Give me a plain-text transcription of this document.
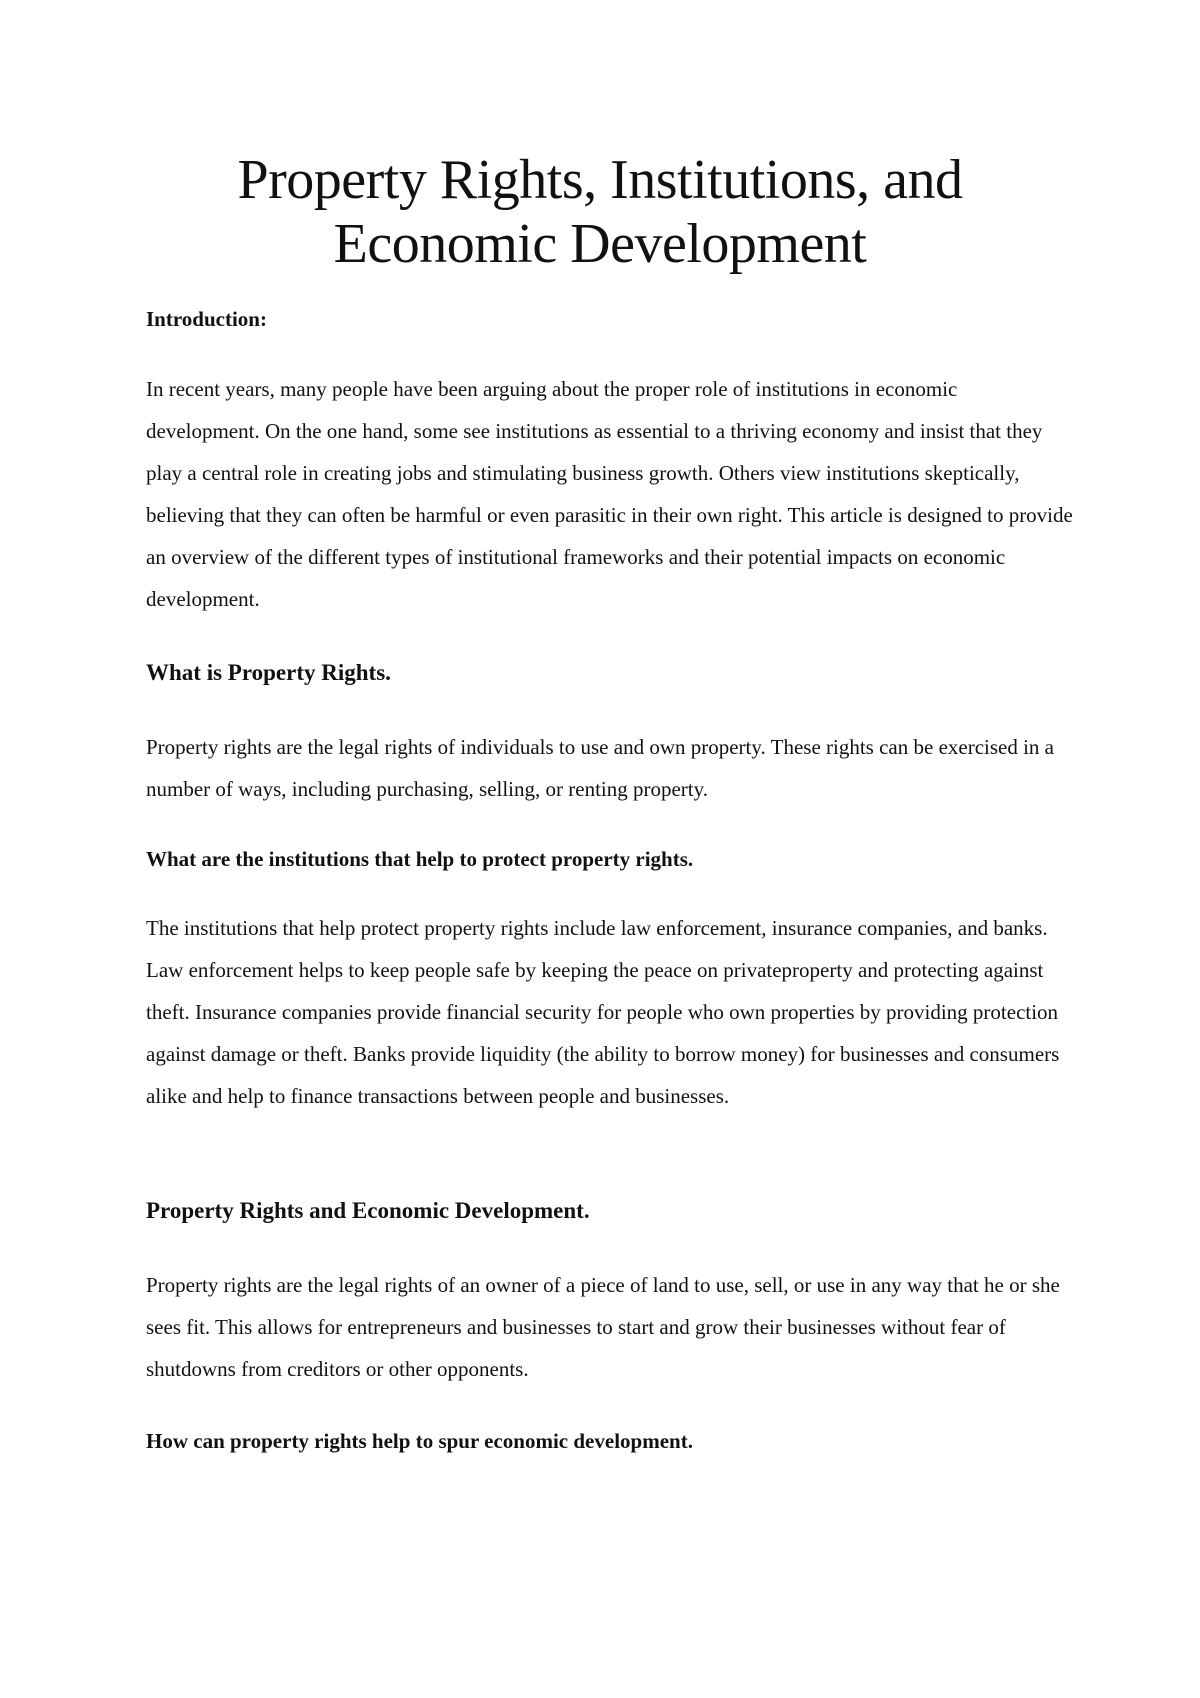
Property Rights, Institutions, and
Economic Development
Introduction:

In recent years, many people have been arguing about the proper role of institutions in economic development. On the one hand, some see institutions as essential to a thriving economy and insist that they play a central role in creating jobs and stimulating business growth. Others view institutions skeptically, believing that they can often be harmful or even parasitic in their own right. This article is designed to provide an overview of the different types of institutional frameworks and their potential impacts on economic development.

What is Property Rights.

Property rights are the legal rights of individuals to use and own property. These rights can be exercised in a number of ways, including purchasing, selling, or renting property.

What are the institutions that help to protect property rights.

The institutions that help protect property rights include law enforcement, insurance companies, and banks. Law enforcement helps to keep people safe by keeping the peace on privateproperty and protecting against theft. Insurance companies provide financial security for people who own properties by providing protection against damage or theft. Banks provide liquidity (the ability to borrow money) for businesses and consumers alike and help to finance transactions between people and businesses.

Property Rights and Economic Development.

Property rights are the legal rights of an owner of a piece of land to use, sell, or use in any way that he or she sees fit. This allows for entrepreneurs and businesses to start and grow their businesses without fear of shutdowns from creditors or other opponents.

How can property rights help to spur economic development.
